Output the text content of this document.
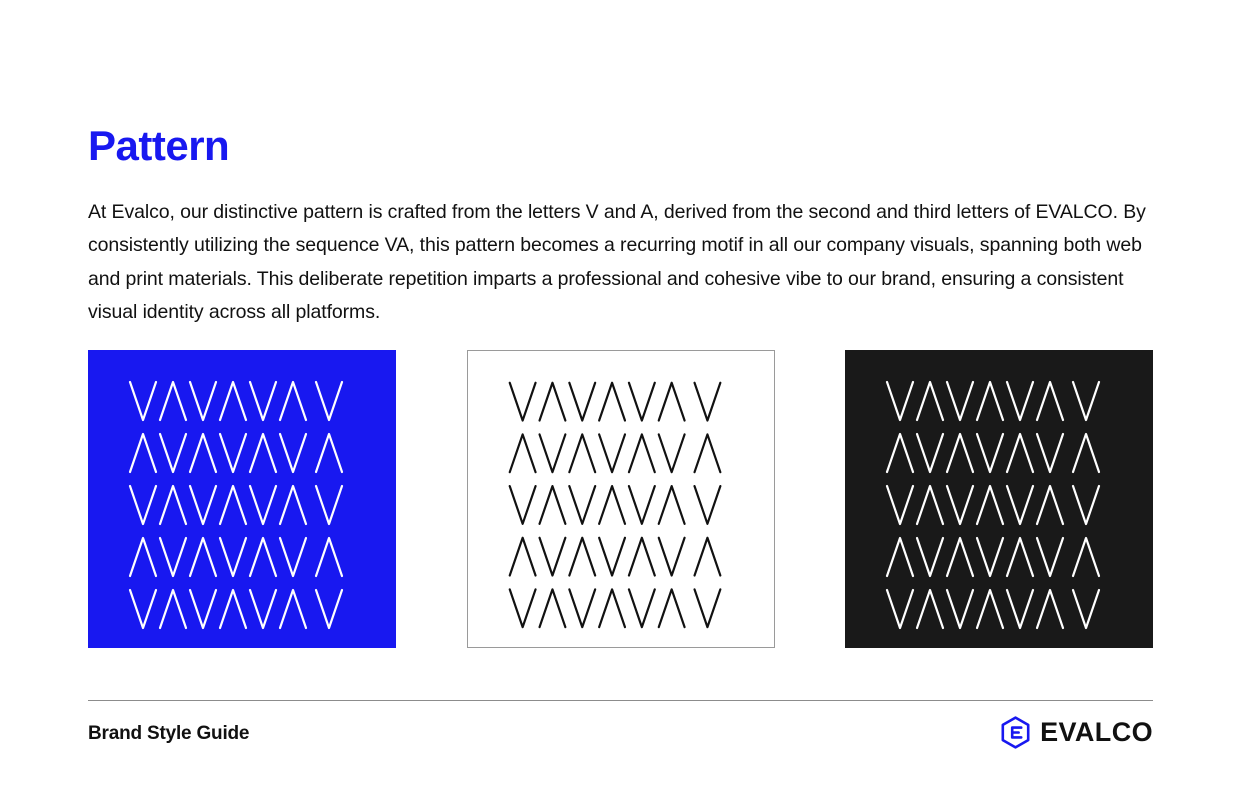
Pattern

At Evalco, our distinctive pattern is crafted from the letters V and A, derived from the second and third letters of EVALCO. By consistently utilizing the sequence VA, this pattern becomes a recurring motif in all our company visuals, spanning both web and print materials. This deliberate repetition imparts a professional and cohesive vibe to our brand, ensuring a consistent visual identity across all platforms.

Brand Style Guide	EVALCO
